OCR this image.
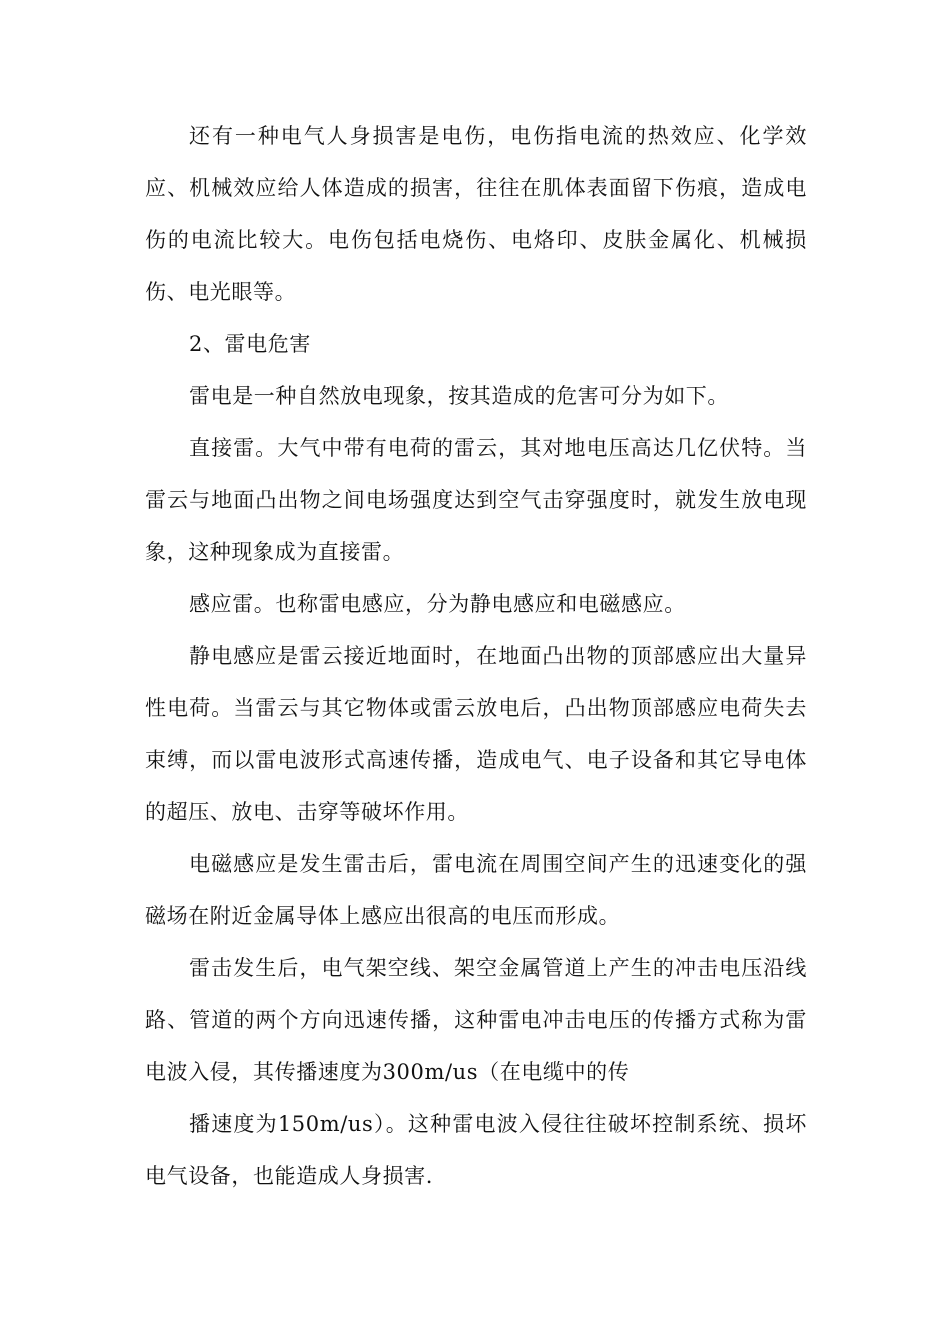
还有一种电气人身损害是电伤，电伤指电流的热效应、化学效应、机械效应给人体造成的损害，往往在肌体表面留下伤痕，造成电伤的电流比较大。电伤包括电烧伤、电烙印、皮肤金属化、机械损伤、电光眼等。

2、雷电危害

雷电是一种自然放电现象，按其造成的危害可分为如下。

直接雷。大气中带有电荷的雷云，其对地电压高达几亿伏特。当雷云与地面凸出物之间电场强度达到空气击穿强度时，就发生放电现象，这种现象成为直接雷。

感应雷。也称雷电感应，分为静电感应和电磁感应。

静电感应是雷云接近地面时，在地面凸出物的顶部感应出大量异性电荷。当雷云与其它物体或雷云放电后，凸出物顶部感应电荷失去束缚，而以雷电波形式高速传播，造成电气、电子设备和其它导电体的超压、放电、击穿等破坏作用。

电磁感应是发生雷击后，雷电流在周围空间产生的迅速变化的强磁场在附近金属导体上感应出很高的电压而形成。

雷击发生后，电气架空线、架空金属管道上产生的冲击电压沿线路、管道的两个方向迅速传播，这种雷电冲击电压的传播方式称为雷电波入侵，其传播速度为300m/us（在电缆中的传

播速度为150m/us）。这种雷电波入侵往往破坏控制系统、损坏电气设备，也能造成人身损害.
